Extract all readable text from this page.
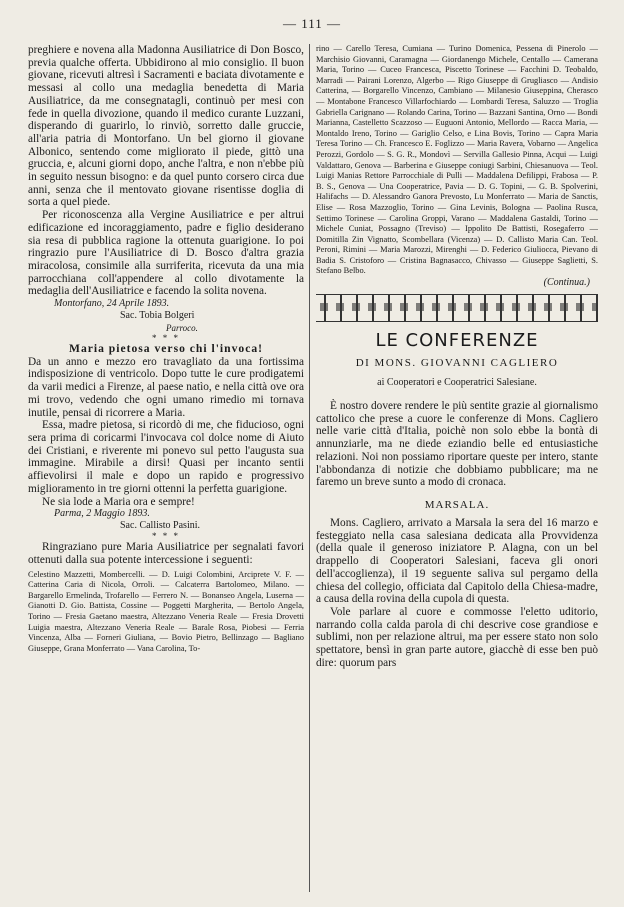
— 111 —

preghiere e novena alla Madonna Ausiliatrice di Don Bosco, previa qualche offerta. Ubbidirono al mio consiglio. Il buon giovane, ricevuti altresì i Sacramenti e baciata divotamente e messasi al collo una medaglia benedetta di Maria Ausiliatrice, da me consegnatagli, continuò per mesi con fede in quella divozione, quando il medico curante Luzzani, disperando di guarirlo, lo rinviò, sorretto dalle gruccie, all'aria patria di Montorfano. Un bel giorno il giovane Albonico, sentendo come migliorato il piede, gittò una gruccia, e, alcuni giorni dopo, anche l'altra, e non n'ebbe più in seguito nessun bisogno: e da quel punto corsero circa due anni, senza che il mentovato giovane risentisse doglia di sorta a quel piede.

Per riconoscenza alla Vergine Ausiliatrice e per altrui edificazione ed incoraggiamento, padre e figlio desiderano sia resa di pubblica ragione la ottenuta guarigione. Io poi ringrazio pure l'Ausiliatrice di D. Bosco d'altra grazia miracolosa, consimile alla surriferita, ricevuta da una mia parrocchiana coll'appendere al collo divotamente la medaglia dell'Ausiliatrice e facendo la solita novena.

Montorfano, 24 Aprile 1893.

Sac. Tobia Bolgeri

Parroco.

* * *

Maria pietosa verso chi l'invoca!

Da un anno e mezzo ero travagliato da una fortissima indisposizione di ventricolo. Dopo tutte le cure prodigatemi da varii medici a Firenze, al paese natìo, e nella città ove ora mi trovo, vedendo che ogni umano rimedio mi tornava inutile, pensai di ricorrere a Maria.

Essa, madre pietosa, si ricordò di me, che fiducioso, ogni sera prima di coricarmi l'invocava col dolce nome di Aiuto dei Cristiani, e riverente mi ponevo sul petto l'augusta sua immagine. Mirabile a dirsi! Quasi per incanto sentii affievolirsi il male e dopo un rapido e progressivo miglioramento in tre giorni ottenni la perfetta guarigione.

Ne sia lode a Maria ora e sempre!

Parma, 2 Maggio 1893.

Sac. Callisto Pasini.

* * *

Ringraziano pure Maria Ausiliatrice per segnalati favori ottenuti dalla sua potente intercessione i seguenti:

Celestino Mazzetti, Mombercelli. — D. Luigi Colombini, Arciprete V. F. — Catterina Caria di Nicola, Orroli. — Calcaterra Bartolomeo, Milano. — Bargarello Ermelinda, Trofarello — Ferrero N. — Bonanseo Angela, Luserna — Gianotti D. Gio. Battista, Cossine — Poggetti Margherita, — Bertolo Angela, Torino — Fresia Gaetano maestra, Altezzano Veneria Reale — Fresia Drovetti Luigia maestra, Altezzano Veneria Reale — Barale Rosa, Piobesi — Ferria Vincenza, Alba — Forneri Giuliana, — Bovio Pietro, Bellinzago — Bagliano Giuseppe, Grana Monferrato — Vana Carolina, To-

rino — Carello Teresa, Cumiana — Turino Domenica, Pessena di Pinerolo — Marchisio Giovanni, Caramagna — Giordanengo Michele, Centallo — Camerana Maria, Torino — Cuceo Francesca, Piscetto Torinese — Facchini D. Teobaldo, Marradi — Pairani Lorenzo, Algerbo — Rigo Giuseppe di Grugliasco — Andisio Catterina, — Borgarello Vincenzo, Cambiano — Milanesio Giuseppina, Cherasco — Montabone Francesco Villarfochiardo — Lombardi Teresa, Saluzzo — Troglia Gabriella Carignano — Rolando Carina, Torino — Bazzani Santina, Orno — Bondi Marianna, Castelletto Scazzoso — Euguoni Antonio, Mellordo — Racca Maria, — Montaldo Ireno, Torino — Gariglio Celso, e Lina Bovis, Torino — Capra Maria Teresa Torino — Ch. Francesco E. Foglizzo — Maria Ravera, Vobarno — Angelica Perozzi, Gordolo — S. G. R., Mondovì — Servilla Gallesio Pinna, Acqui — Luigi Valdattaro, Genova — Barberina e Giuseppe coniugi Sarbini, Chiesanuova — Teol. Luigi Manias Rettore Parrocchiale di Pulli — Maddalena Defilippi, Frabosa — P. B. S., Genova — Una Cooperatrice, Pavia — D. G. Topini, — G. B. Spolverini, Halifachs — D. Alessandro Ganora Prevosto, Lu Monferrato — Maria de Sanctis, Elise — Rosa Mazzoglio, Torino — Gina Levinis, Bologna — Paolina Rusca, Settimo Torinese — Carolina Groppi, Varano — Maddalena Gastaldi, Torino — Michele Cuniat, Possagno (Treviso) — Ippolito De Battisti, Rosegaferro — Domitilla Zin Vignatto, Scombellara (Vicenza) — D. Callisto Maria Can. Teol. Peroni, Rimini — Maria Marozzi, Mirenghi — D. Federico Giuliocca, Pievano di Badia S. Cristoforo — Cristina Bagnasacco, Chivasso — Giuseppe Saglietti, S. Stefano Belbo.

(Continua.)

LE CONFERENZE
DI MONS. GIOVANNI CAGLIERO
ai Cooperatori e Cooperatrici Salesiane.

È nostro dovere rendere le più sentite grazie al giornalismo cattolico che prese a cuore le conferenze di Mons. Cagliero nelle varie città d'Italia, poichè non solo ebbe la bontà di annunziarle, ma ne diede eziandio belle ed entusiastiche relazioni. Noi non possiamo riportare queste per intero, stante l'abbondanza di notizie che dobbiamo pubblicare; ma ne faremo un breve sunto a modo di cronaca.

MARSALA.

Mons. Cagliero, arrivato a Marsala la sera del 16 marzo e festeggiato nella casa salesiana dedicata alla Provvidenza (della quale il generoso iniziatore P. Alagna, con un bel drappello di Cooperatori Salesiani, faceva gli onori dell'accoglienza), il 19 seguente saliva sul pergamo della chiesa del collegio, officiata dal Capitolo della Chiesa-madre, a causa della rovina della cupola di questa.

Vole parlare al cuore e commosse l'eletto uditorio, narrando colla calda parola di chi descrive cose grandiose e sublimi, non per relazione altrui, ma per essere stato non solo spettatore, bensì in gran parte autore, giacchè di esse ben può dire: quorum pars
